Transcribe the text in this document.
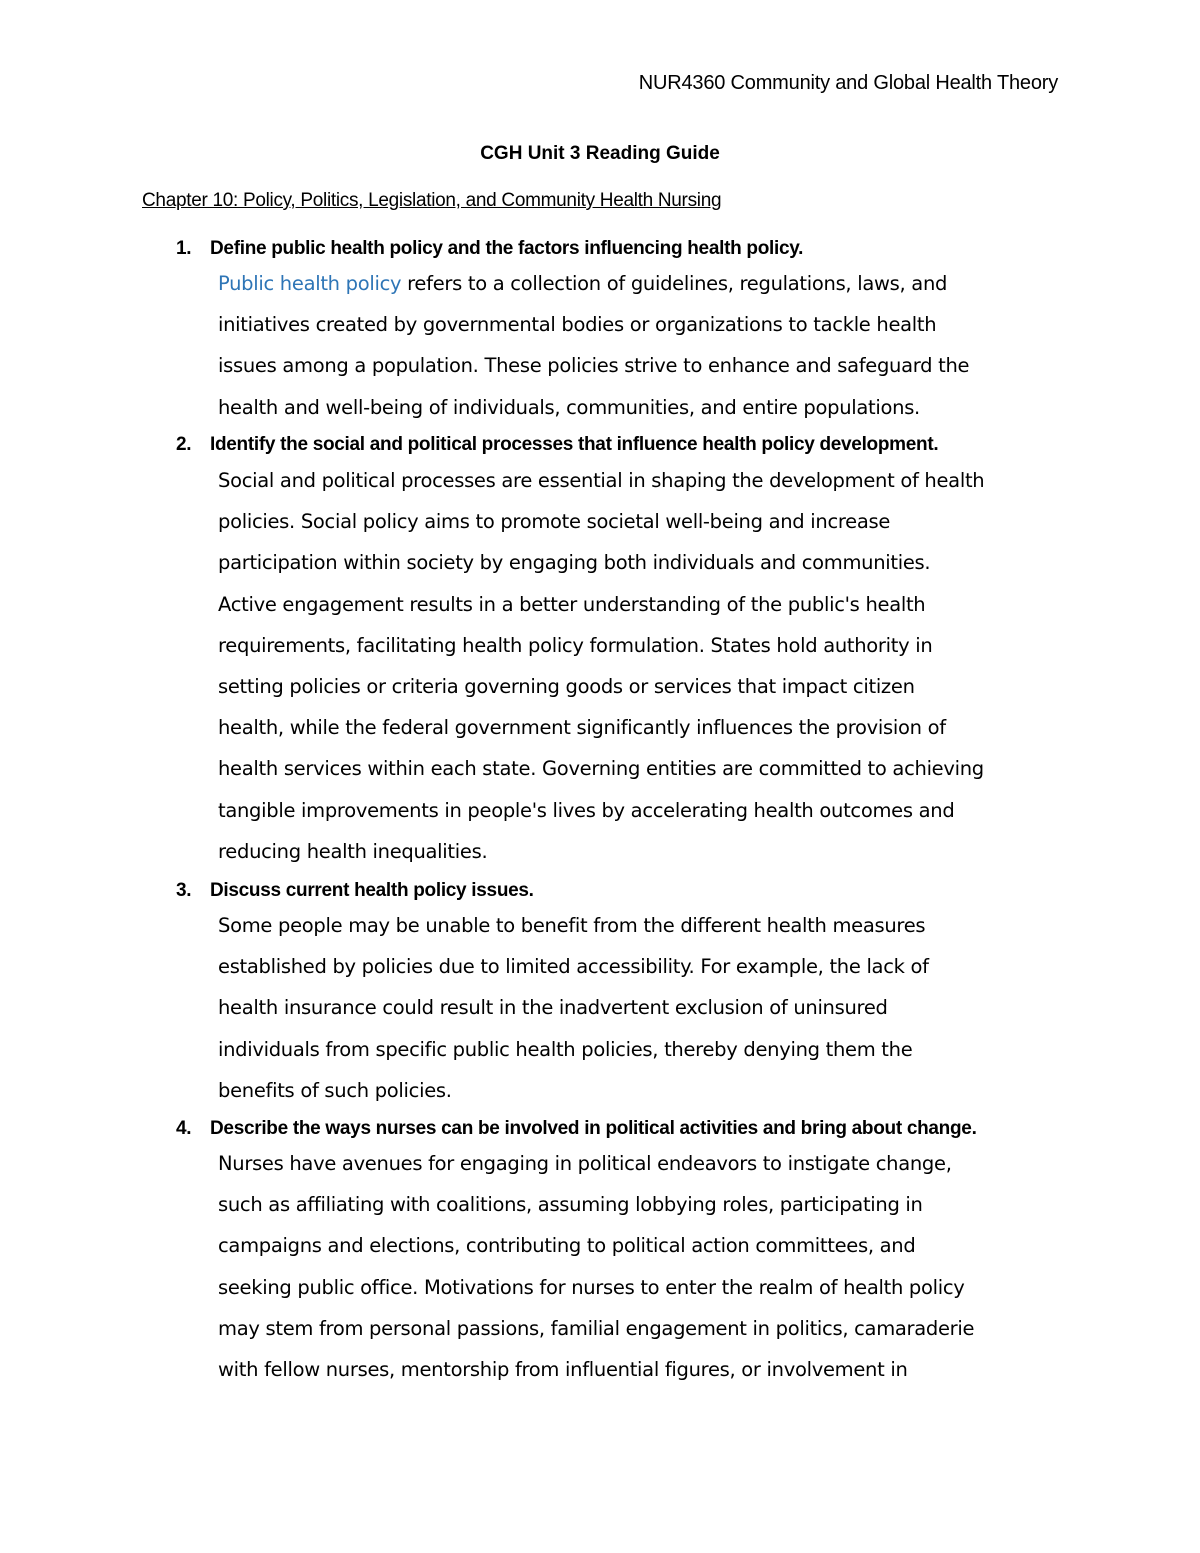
NUR4360 Community and Global Health Theory
CGH Unit 3 Reading Guide
Chapter 10: Policy, Politics, Legislation, and Community Health Nursing
1. Define public health policy and the factors influencing health policy.
Public health policy refers to a collection of guidelines, regulations, laws, and
initiatives created by governmental bodies or organizations to tackle health
issues among a population. These policies strive to enhance and safeguard the
health and well-being of individuals, communities, and entire populations.
2. Identify the social and political processes that influence health policy development.
Social and political processes are essential in shaping the development of health
policies. Social policy aims to promote societal well-being and increase
participation within society by engaging both individuals and communities.
Active engagement results in a better understanding of the public's health
requirements, facilitating health policy formulation. States hold authority in
setting policies or criteria governing goods or services that impact citizen
health, while the federal government significantly influences the provision of
health services within each state. Governing entities are committed to achieving
tangible improvements in people's lives by accelerating health outcomes and
reducing health inequalities.
3. Discuss current health policy issues.
Some people may be unable to benefit from the different health measures
established by policies due to limited accessibility. For example, the lack of
health insurance could result in the inadvertent exclusion of uninsured
individuals from specific public health policies, thereby denying them the
benefits of such policies.
4. Describe the ways nurses can be involved in political activities and bring about change.
Nurses have avenues for engaging in political endeavors to instigate change,
such as affiliating with coalitions, assuming lobbying roles, participating in
campaigns and elections, contributing to political action committees, and
seeking public office. Motivations for nurses to enter the realm of health policy
may stem from personal passions, familial engagement in politics, camaraderie
with fellow nurses, mentorship from influential figures, or involvement in
